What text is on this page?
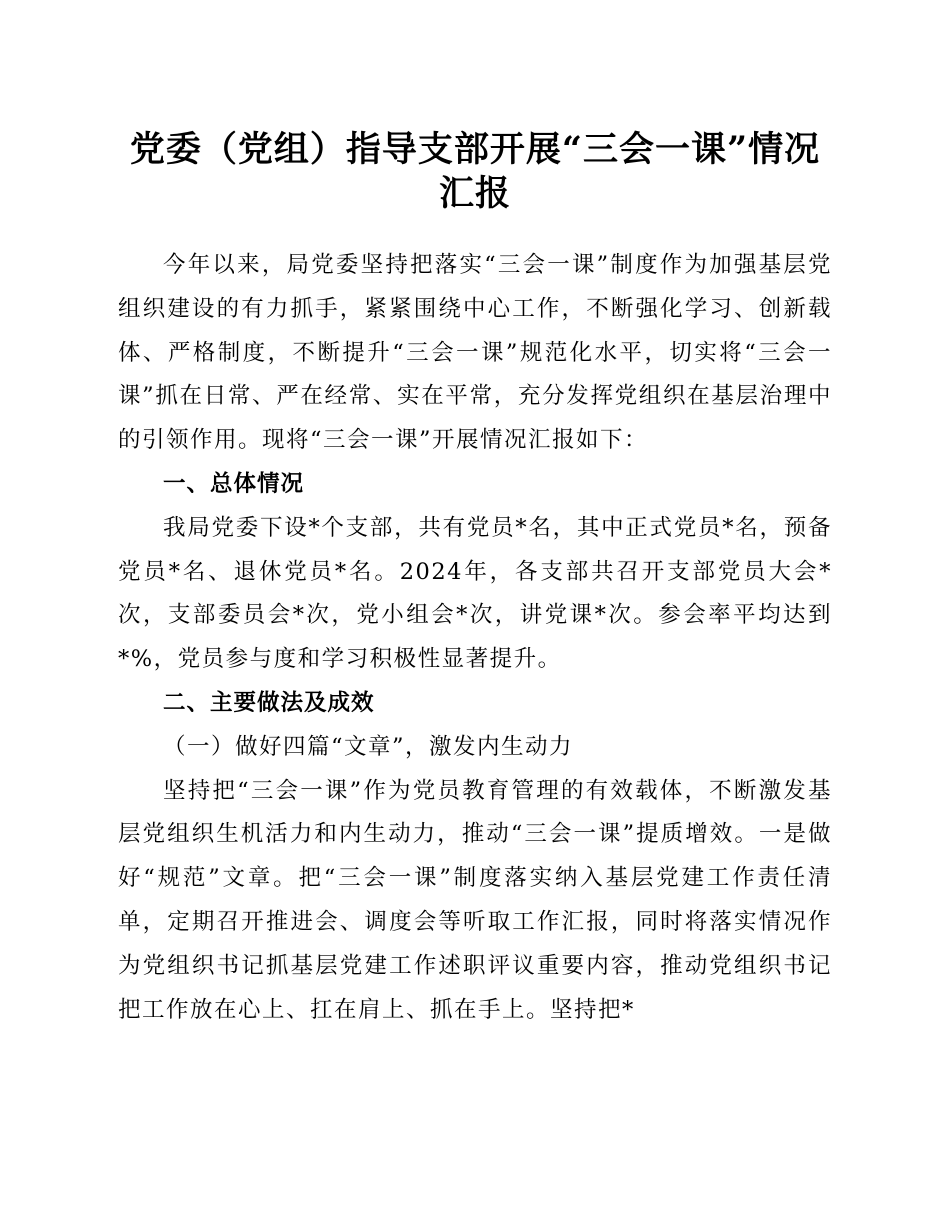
党委（党组）指导支部开展“三会一课”情况汇报

今年以来，局党委坚持把落实“三会一课”制度作为加强基层党组织建设的有力抓手，紧紧围绕中心工作，不断强化学习、创新载体、严格制度，不断提升“三会一课”规范化水平，切实将“三会一课”抓在日常、严在经常、实在平常，充分发挥党组织在基层治理中的引领作用。现将“三会一课”开展情况汇报如下：

一、总体情况

我局党委下设*个支部，共有党员*名，其中正式党员*名，预备党员*名、退休党员*名。2024年，各支部共召开支部党员大会*次，支部委员会*次，党小组会*次，讲党课*次。参会率平均达到*%，党员参与度和学习积极性显著提升。

二、主要做法及成效

（一）做好四篇“文章”，激发内生动力

坚持把“三会一课”作为党员教育管理的有效载体，不断激发基层党组织生机活力和内生动力，推动“三会一课”提质增效。一是做好“规范”文章。把“三会一课”制度落实纳入基层党建工作责任清单，定期召开推进会、调度会等听取工作汇报，同时将落实情况作为党组织书记抓基层党建工作述职评议重要内容，推动党组织书记把工作放在心上、扛在肩上、抓在手上。坚持把*
